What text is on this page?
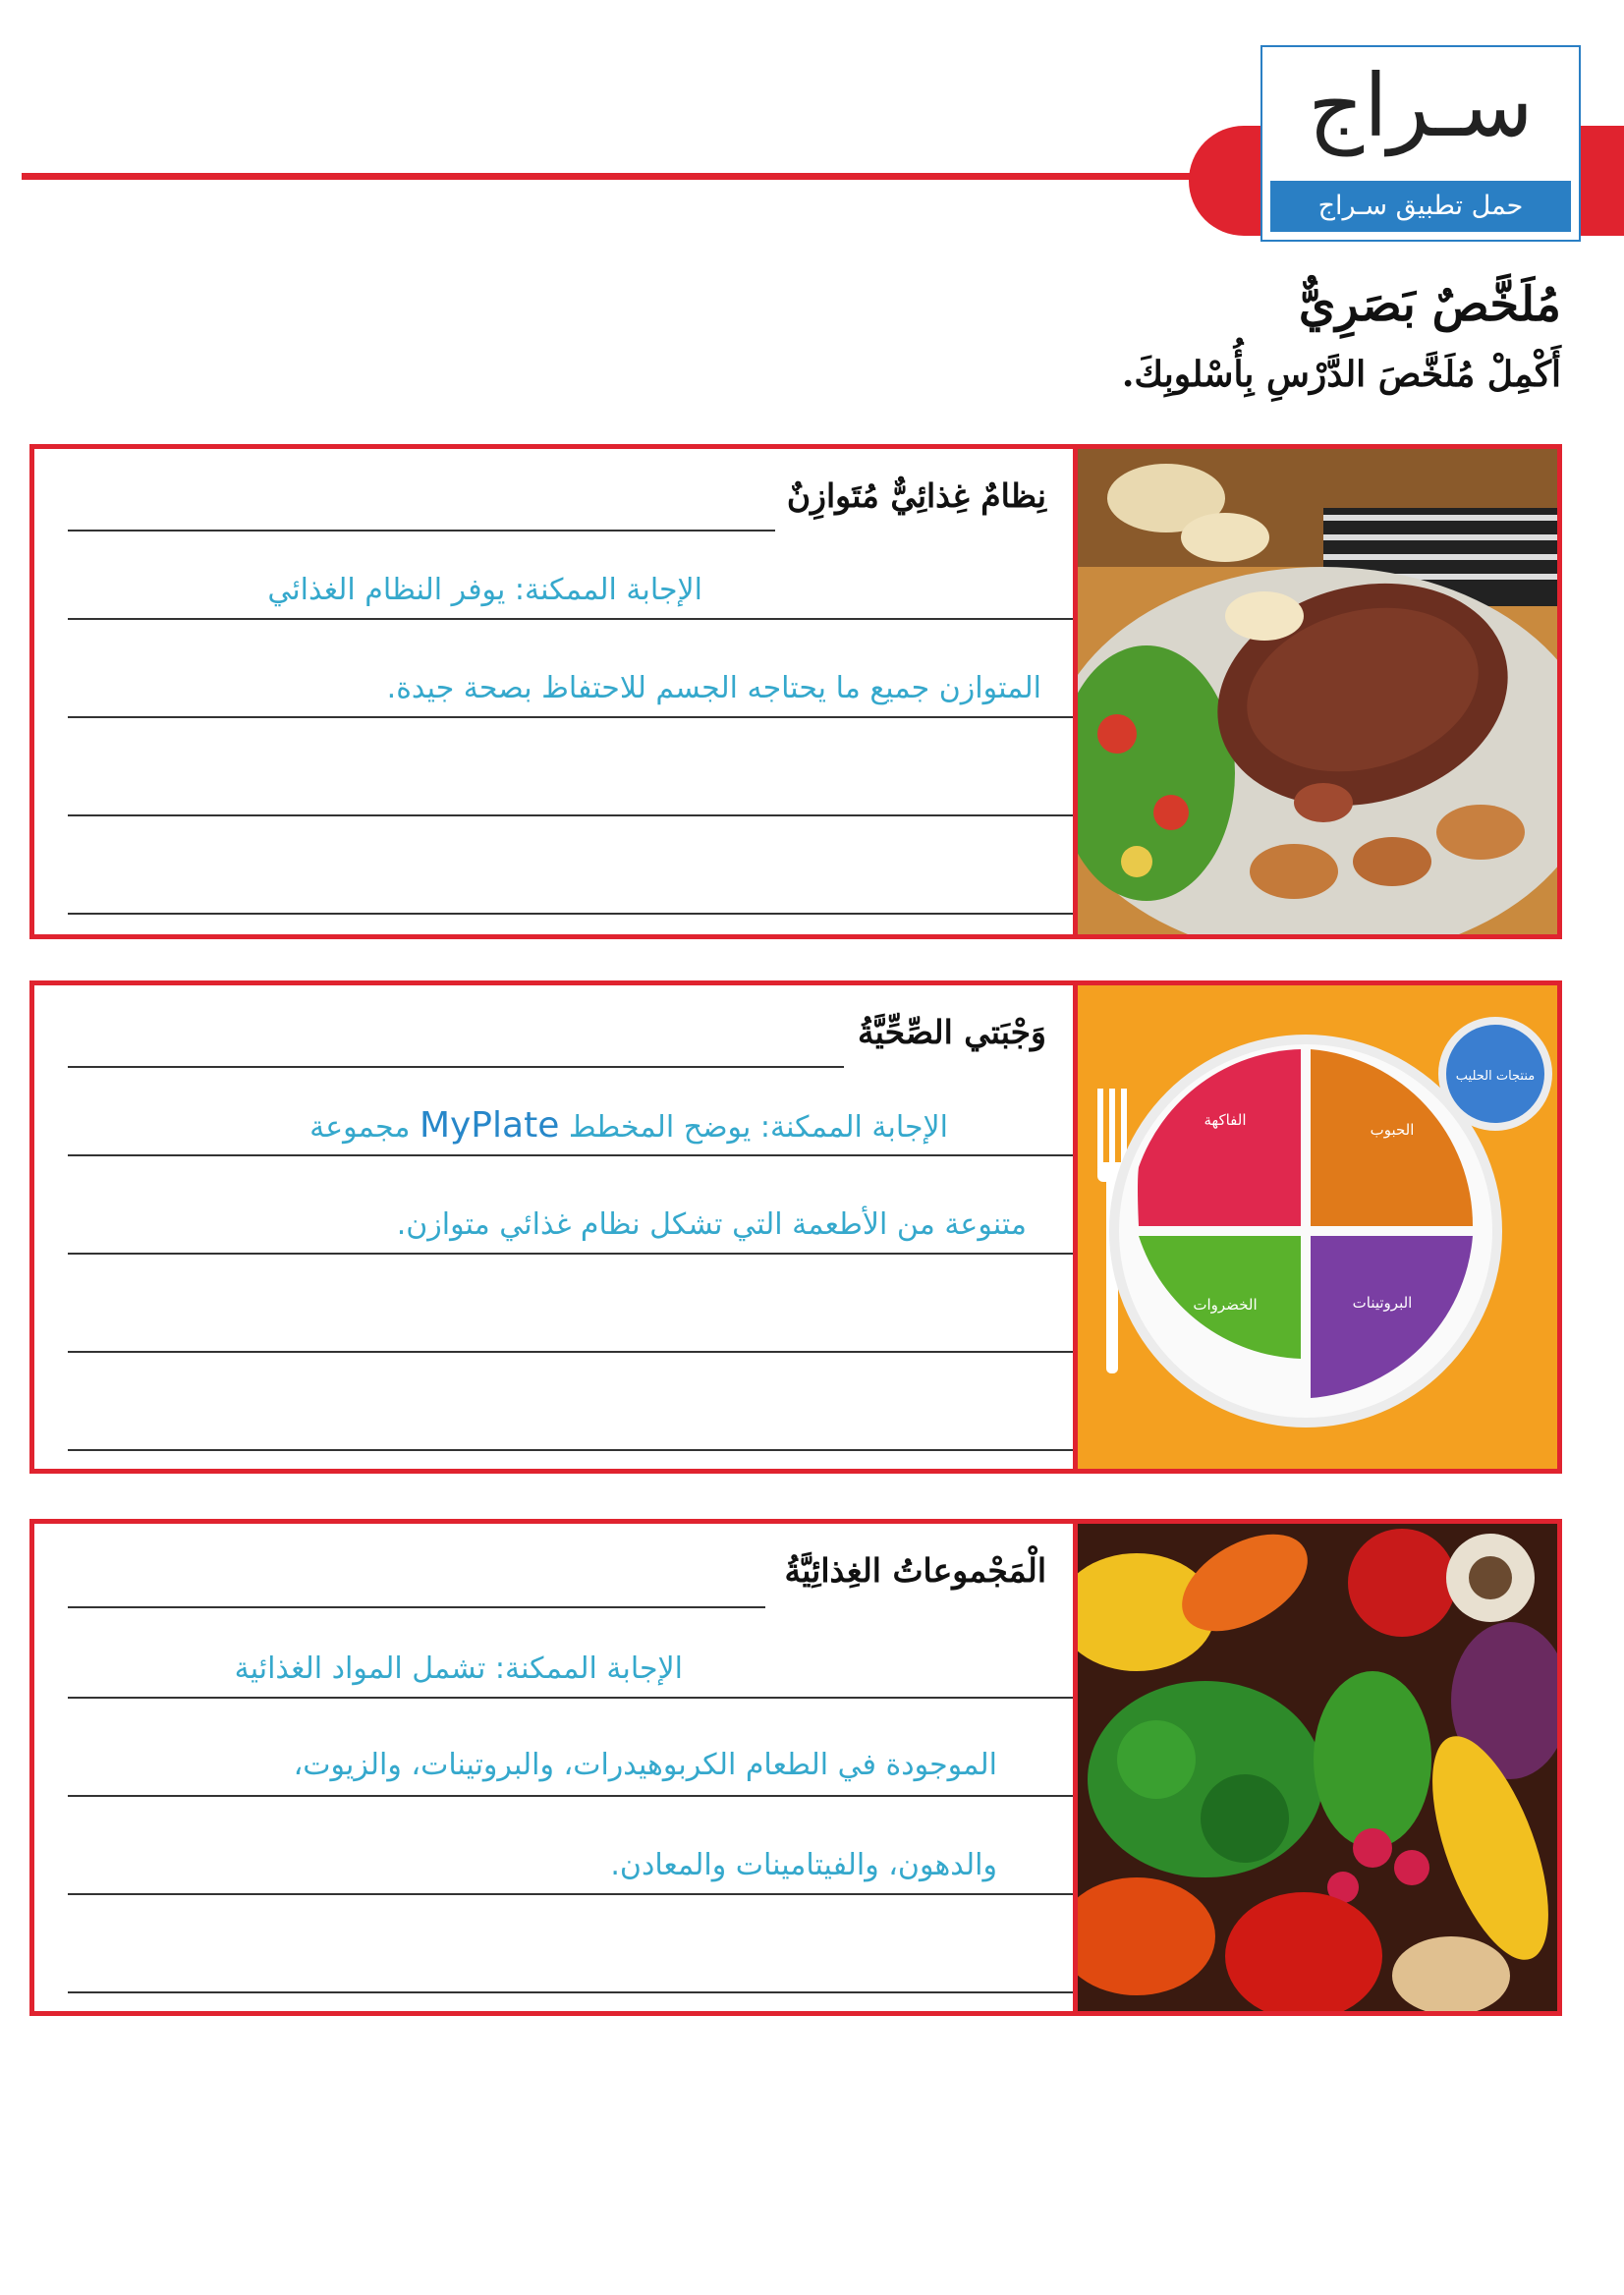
سـراج
حمل تطبيق سـراج
مُلَخَّصٌ بَصَرِيٌّ
أَكْمِلْ مُلَخَّصَ الدَّرْسِ بِأُسْلوبِكَ.
نِظامٌ غِذائِيٌّ مُتَوازِنٌ
الإجابة الممكنة: يوفر النظام الغذائي
المتوازن جميع ما يحتاجه الجسم للاحتفاظ بصحة جيدة.
وَجْبَتي الصِّحِّيَّةُ
الإجابة الممكنة: يوضح المخطط MyPlate مجموعة
متنوعة من الأطعمة التي تشكل نظام غذائي متوازن.
الفاكهة
الحبوب
الخضروات	البروتينات
منتجات الحليب
الْمَجْموعاتُ الغِذائِيَّةُ
الإجابة الممكنة: تشمل المواد الغذائية
الموجودة في الطعام الكربوهيدرات، والبروتينات، والزيوت،
والدهون، والفيتامينات والمعادن.
